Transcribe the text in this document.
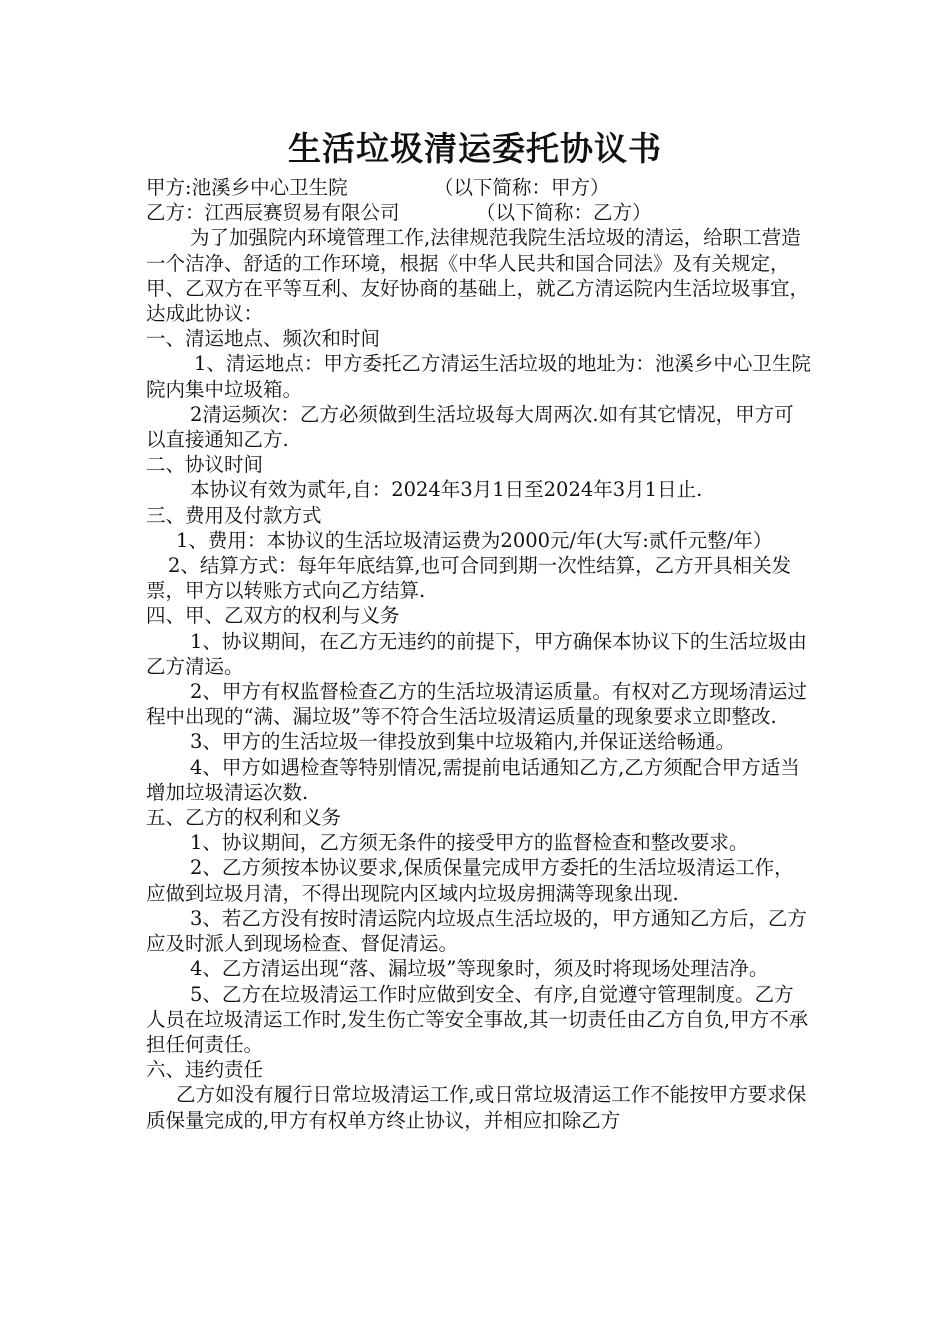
生活垃圾清运委托协议书

甲方:池溪乡中心卫生院	（以下简称：甲方）

乙方：江西辰赛贸易有限公司	（以下简称：乙方）

为了加强院内环境管理工作,法律规范我院生活垃圾的清运，给职工营造一个洁净、舒适的工作环境，根据《中华人民共和国合同法》及有关规定，甲、乙双方在平等互利、友好协商的基础上，就乙方清运院内生活垃圾事宜，达成此协议：

一、清运地点、频次和时间

1、清运地点：甲方委托乙方清运生活垃圾的地址为：池溪乡中心卫生院院内集中垃圾箱。

2清运频次：乙方必须做到生活垃圾每大周两次.如有其它情况，甲方可以直接通知乙方.

二、协议时间

本协议有效为贰年,自：2024年3月1日至2024年3月1日止.

三、费用及付款方式

1、费用：本协议的生活垃圾清运费为2000元/年(大写:贰仟元整/年）

2、结算方式：每年年底结算,也可合同到期一次性结算，乙方开具相关发票，甲方以转账方式向乙方结算.

四、甲、乙双方的权利与义务

1、协议期间，在乙方无违约的前提下，甲方确保本协议下的生活垃圾由乙方清运。

2、甲方有权监督检查乙方的生活垃圾清运质量。有权对乙方现场清运过程中出现的“满、漏垃圾”等不符合生活垃圾清运质量的现象要求立即整改.

3、甲方的生活垃圾一律投放到集中垃圾箱内,并保证送给畅通。

4、甲方如遇检查等特别情况,需提前电话通知乙方,乙方须配合甲方适当增加垃圾清运次数.

五、乙方的权利和义务

1、协议期间，乙方须无条件的接受甲方的监督检查和整改要求。

2、乙方须按本协议要求,保质保量完成甲方委托的生活垃圾清运工作，应做到垃圾月清，不得出现院内区域内垃圾房拥满等现象出现.

3、若乙方没有按时清运院内垃圾点生活垃圾的，甲方通知乙方后，乙方应及时派人到现场检查、督促清运。

4、乙方清运出现“落、漏垃圾”等现象时，须及时将现场处理洁净。

5、乙方在垃圾清运工作时应做到安全、有序,自觉遵守管理制度。乙方人员在垃圾清运工作时,发生伤亡等安全事故,其一切责任由乙方自负,甲方不承担任何责任。

六、违约责任

乙方如没有履行日常垃圾清运工作,或日常垃圾清运工作不能按甲方要求保质保量完成的,甲方有权单方终止协议，并相应扣除乙方
